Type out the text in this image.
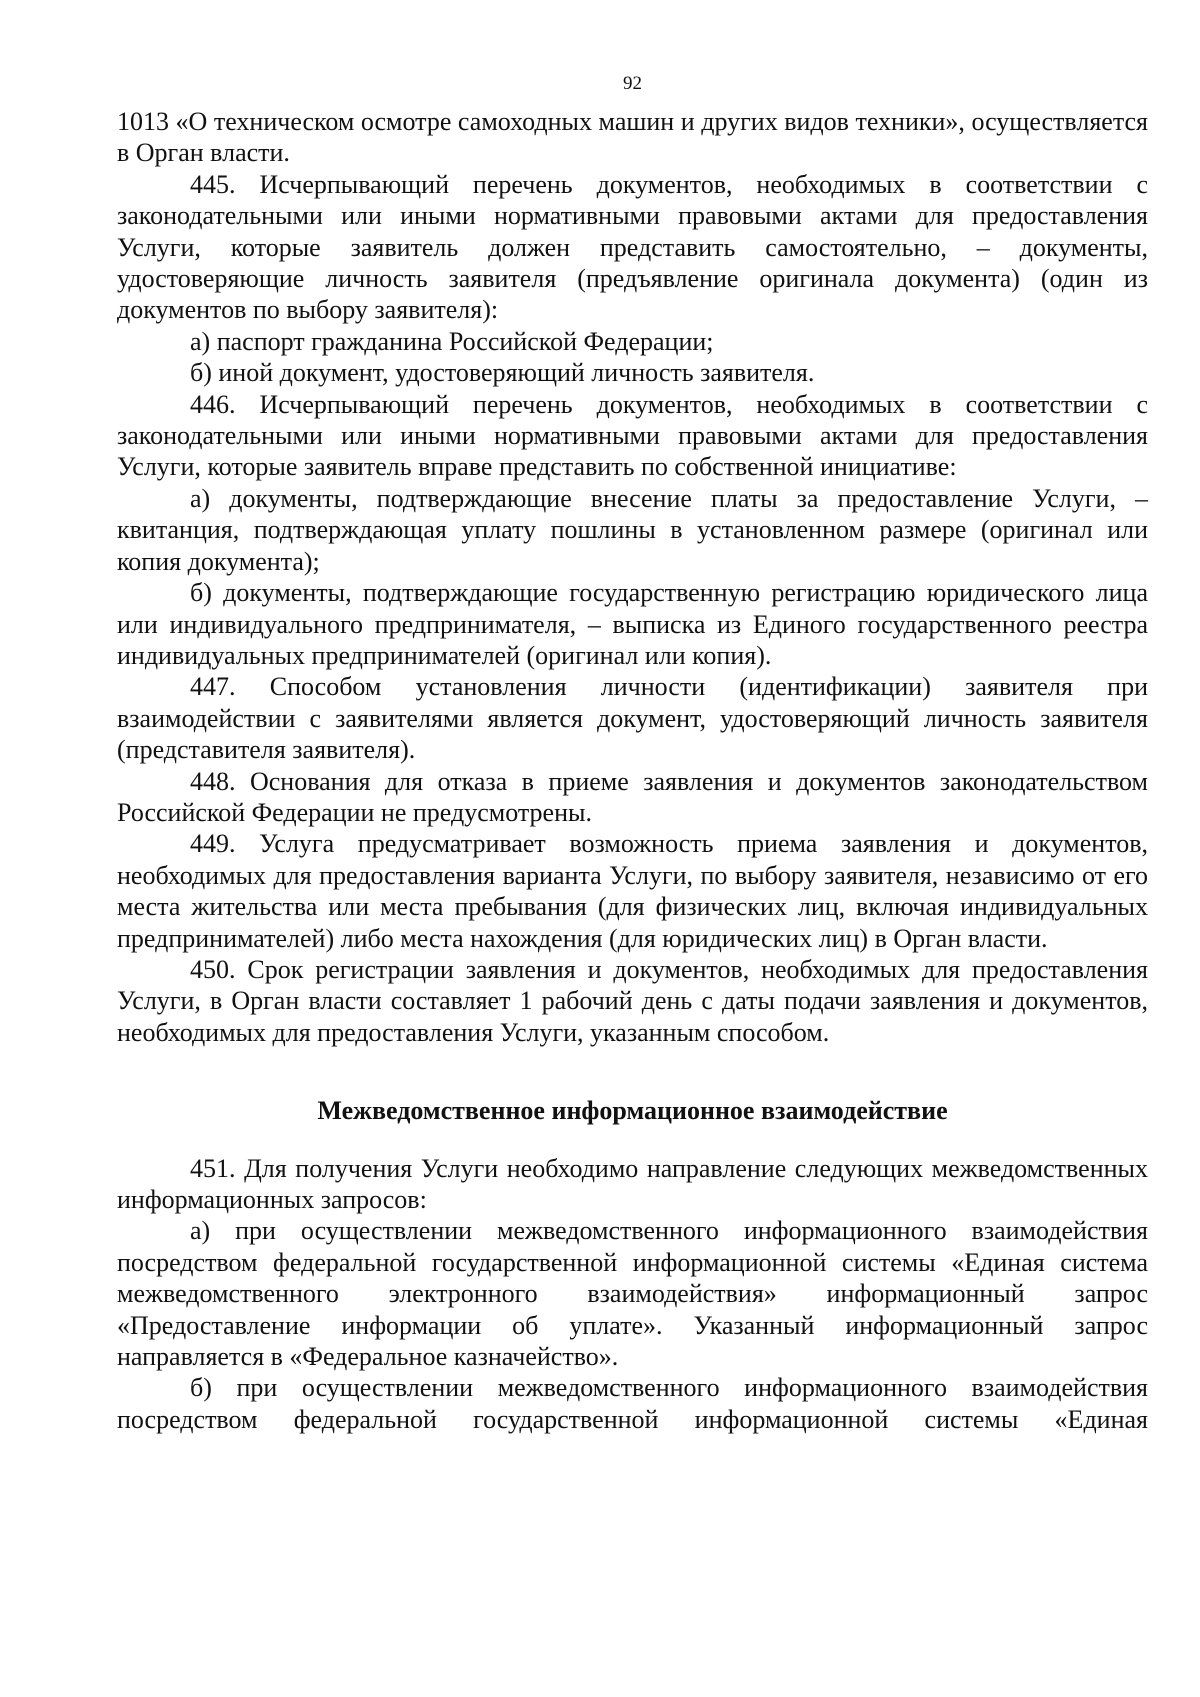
92

1013 «О техническом осмотре самоходных машин и других видов техники», осуществляется в Орган власти.

445. Исчерпывающий перечень документов, необходимых в соответствии с законодательными или иными нормативными правовыми актами для предоставления Услуги, которые заявитель должен представить самостоятельно, – документы, удостоверяющие личность заявителя (предъявление оригинала документа) (один из документов по выбору заявителя):

а) паспорт гражданина Российской Федерации;

б) иной документ, удостоверяющий личность заявителя.

446. Исчерпывающий перечень документов, необходимых в соответствии с законодательными или иными нормативными правовыми актами для предоставления Услуги, которые заявитель вправе представить по собственной инициативе:

а) документы, подтверждающие внесение платы за предоставление Услуги, – квитанция, подтверждающая уплату пошлины в установленном размере (оригинал или копия документа);

б) документы, подтверждающие государственную регистрацию юридического лица или индивидуального предпринимателя, – выписка из Единого государственного реестра индивидуальных предпринимателей (оригинал или копия).

447. Способом установления личности (идентификации) заявителя при взаимодействии с заявителями является документ, удостоверяющий личность заявителя (представителя заявителя).

448. Основания для отказа в приеме заявления и документов законодательством Российской Федерации не предусмотрены.

449. Услуга предусматривает возможность приема заявления и документов, необходимых для предоставления варианта Услуги, по выбору заявителя, независимо от его места жительства или места пребывания (для физических лиц, включая индивидуальных предпринимателей) либо места нахождения (для юридических лиц) в Орган власти.

450. Срок регистрации заявления и документов, необходимых для предоставления Услуги, в Орган власти составляет 1 рабочий день с даты подачи заявления и документов, необходимых для предоставления Услуги, указанным способом.

Межведомственное информационное взаимодействие

451. Для получения Услуги необходимо направление следующих межведомственных информационных запросов:

а) при осуществлении межведомственного информационного взаимодействия посредством федеральной государственной информационной системы «Единая система межведомственного электронного взаимодействия» информационный запрос «Предоставление информации об уплате». Указанный информационный запрос направляется в «Федеральное казначейство».

б) при осуществлении межведомственного информационного взаимодействия посредством федеральной государственной информационной системы «Единая
